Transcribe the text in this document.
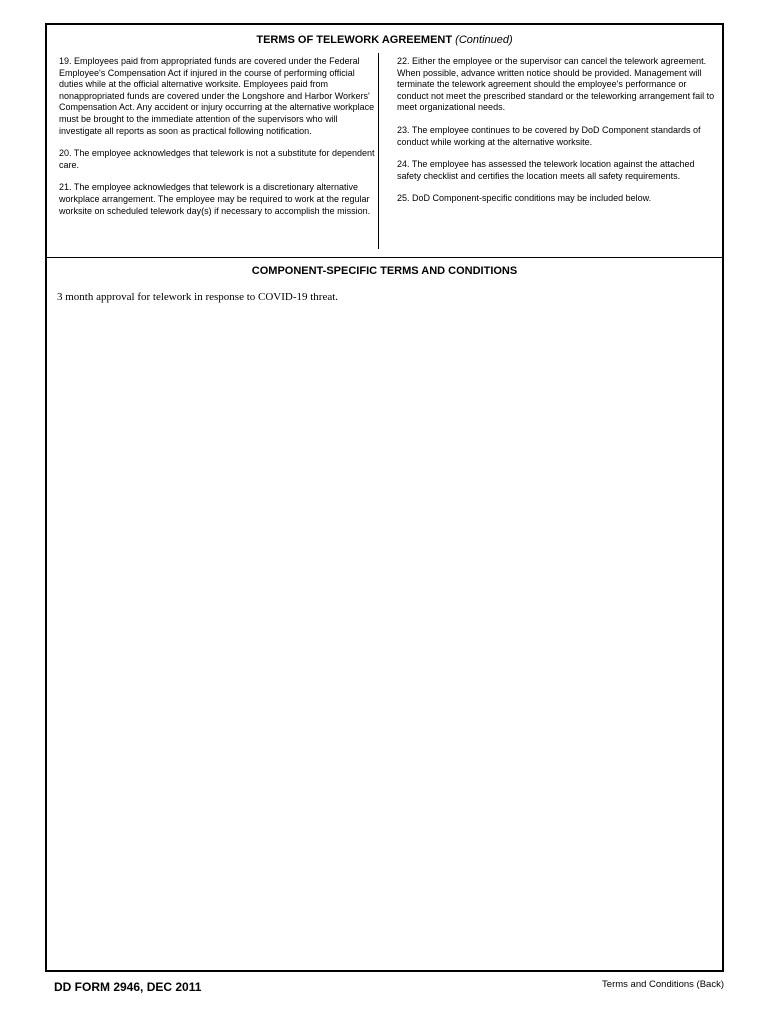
TERMS OF TELEWORK AGREEMENT (Continued)

19. Employees paid from appropriated funds are covered under the Federal Employee's Compensation Act if injured in the course of performing official duties while at the official alternative worksite. Employees paid from nonappropriated funds are covered under the Longshore and Harbor Workers' Compensation Act. Any accident or injury occurring at the alternative workplace must be brought to the immediate attention of the supervisors who will investigate all reports as soon as practical following notification.

20. The employee acknowledges that telework is not a substitute for dependent care.

21. The employee acknowledges that telework is a discretionary alternative workplace arrangement. The employee may be required to work at the regular worksite on scheduled telework day(s) if necessary to accomplish the mission.

22. Either the employee or the supervisor can cancel the telework agreement. When possible, advance written notice should be provided. Management will terminate the telework agreement should the employee's performance or conduct not meet the prescribed standard or the teleworking arrangement fail to meet organizational needs.

23. The employee continues to be covered by DoD Component standards of conduct while working at the alternative worksite.

24. The employee has assessed the telework location against the attached safety checklist and certifies the location meets all safety requirements.

25. DoD Component-specific conditions may be included below.

COMPONENT-SPECIFIC TERMS AND CONDITIONS
3 month approval for telework in response to COVID-19 threat.
DD FORM 2946, DEC 2011	Terms and Conditions (Back)
